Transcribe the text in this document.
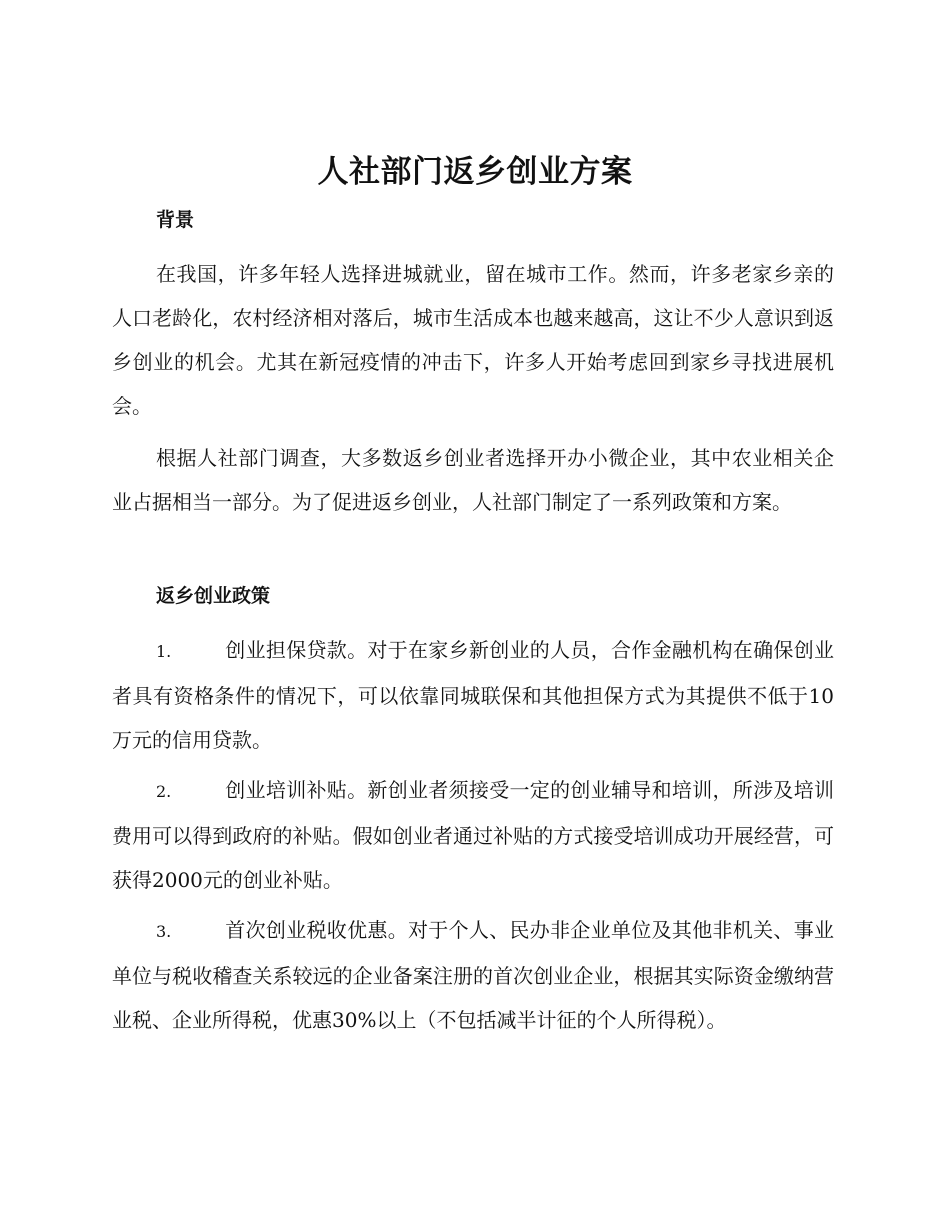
人社部门返乡创业方案
背景

在我国，许多年轻人选择进城就业，留在城市工作。然而，许多老家乡亲的人口老龄化，农村经济相对落后，城市生活成本也越来越高，这让不少人意识到返乡创业的机会。尤其在新冠疫情的冲击下，许多人开始考虑回到家乡寻找进展机会。

根据人社部门调查，大多数返乡创业者选择开办小微企业，其中农业相关企业占据相当一部分。为了促进返乡创业，人社部门制定了一系列政策和方案。

返乡创业政策
1.	创业担保贷款。对于在家乡新创业的人员，合作金融机构在确保创业者具有资格条件的情况下，可以依靠同城联保和其他担保方式为其提供不低于10万元的信用贷款。
2.	创业培训补贴。新创业者须接受一定的创业辅导和培训，所涉及培训费用可以得到政府的补贴。假如创业者通过补贴的方式接受培训成功开展经营，可获得2000元的创业补贴。
3.	首次创业税收优惠。对于个人、民办非企业单位及其他非机关、事业单位与税收稽查关系较远的企业备案注册的首次创业企业，根据其实际资金缴纳营业税、企业所得税，优惠30%以上（不包括减半计征的个人所得税）。
